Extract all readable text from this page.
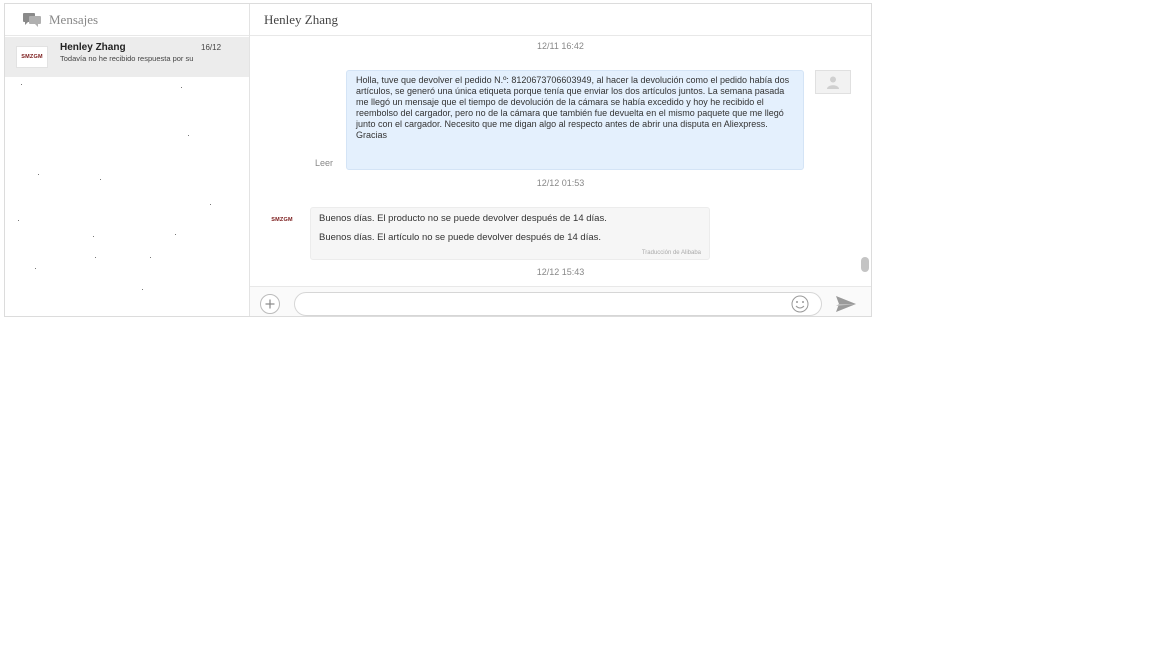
Mensajes
SMZGM
Henley Zhang	16/12
Todavía no he recibido respuesta por su
Henley Zhang
12/11 16:42
Holla, tuve que devolver el pedido N.º: 8120673706603949, al hacer la devolución como el pedido había dos artículos, se generó una única etiqueta porque tenía que enviar los dos artículos juntos. La semana pasada me llegó un mensaje que el tiempo de devolución de la cámara se había excedido y hoy he recibido el reembolso del cargador, pero no de la cámara que también fue devuelta en el mismo paquete que me llegó junto con el cargador. Necesito que me digan algo al respecto antes de abrir una disputa en Aliexpress. Gracias
Leer
12/12 01:53
SMZGM	Buenos días. El producto no se puede devolver después de 14 días.
Buenos días. El artículo no se puede devolver después de 14 días.
Traducción de Alibaba
12/12 15:43
